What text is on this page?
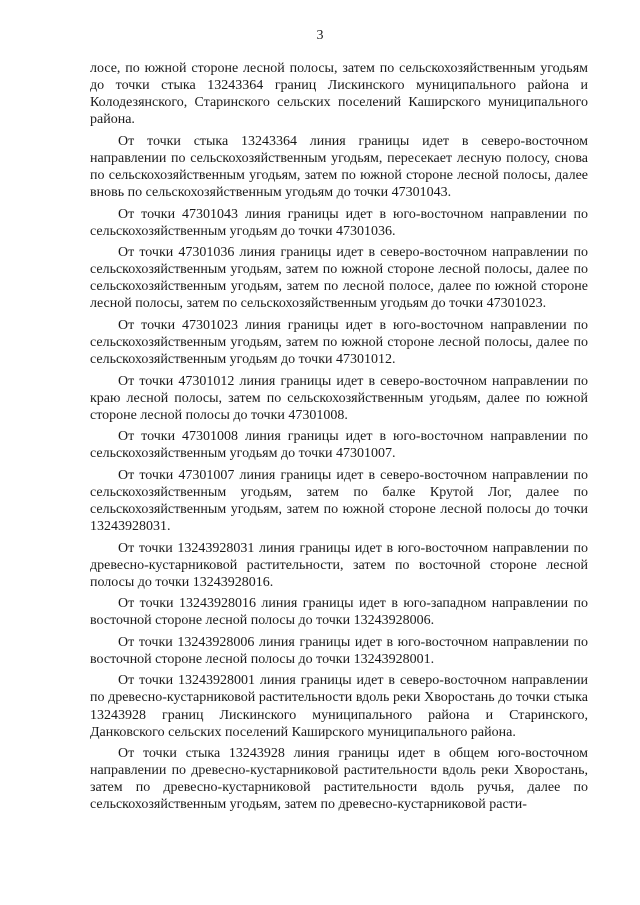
3

лосе, по южной стороне лесной полосы, затем по сельскохозяйственным угодьям до точки стыка 13243364 границ Лискинского муниципального района и Колодезянского, Старинского сельских поселений Каширского муниципального района.

От точки стыка 13243364 линия границы идет в северо-восточном направлении по сельскохозяйственным угодьям, пересекает лесную полосу, снова по сельскохозяйственным угодьям, затем по южной стороне лесной полосы, далее вновь по сельскохозяйственным угодьям до точки 47301043.

От точки 47301043 линия границы идет в юго-восточном направлении по сельскохозяйственным угодьям до точки 47301036.

От точки 47301036 линия границы идет в северо-восточном направлении по сельскохозяйственным угодьям, затем по южной стороне лесной полосы, далее по сельскохозяйственным угодьям, затем по лесной полосе, далее по южной стороне лесной полосы, затем по сельскохозяйственным угодьям до точки 47301023.

От точки 47301023 линия границы идет в юго-восточном направлении по сельскохозяйственным угодьям, затем по южной стороне лесной полосы, далее по сельскохозяйственным угодьям до точки 47301012.

От точки 47301012 линия границы идет в северо-восточном направлении по краю лесной полосы, затем по сельскохозяйственным угодьям, далее по южной стороне лесной полосы до точки 47301008.

От точки 47301008 линия границы идет в юго-восточном направлении по сельскохозяйственным угодьям до точки 47301007.

От точки 47301007 линия границы идет в северо-восточном направлении по сельскохозяйственным угодьям, затем по балке Крутой Лог, далее по сельскохозяйственным угодьям, затем по южной стороне лесной полосы до точки 13243928031.

От точки 13243928031 линия границы идет в юго-восточном направлении по древесно-кустарниковой растительности, затем по восточной стороне лесной полосы до точки 13243928016.

От точки 13243928016 линия границы идет в юго-западном направлении по восточной стороне лесной полосы до точки 13243928006.

От точки 13243928006 линия границы идет в юго-восточном направлении по восточной стороне лесной полосы до точки 13243928001.

От точки 13243928001 линия границы идет в северо-восточном направлении по древесно-кустарниковой растительности вдоль реки Хворостань до точки стыка 13243928 границ Лискинского муниципального района и Старинского, Данковского сельских поселений Каширского муниципального района.

От точки стыка 13243928 линия границы идет в общем юго-восточном направлении по древесно-кустарниковой растительности вдоль реки Хворостань, затем по древесно-кустарниковой растительности вдоль ручья, далее по сельскохозяйственным угодьям, затем по древесно-кустарниковой расти-
